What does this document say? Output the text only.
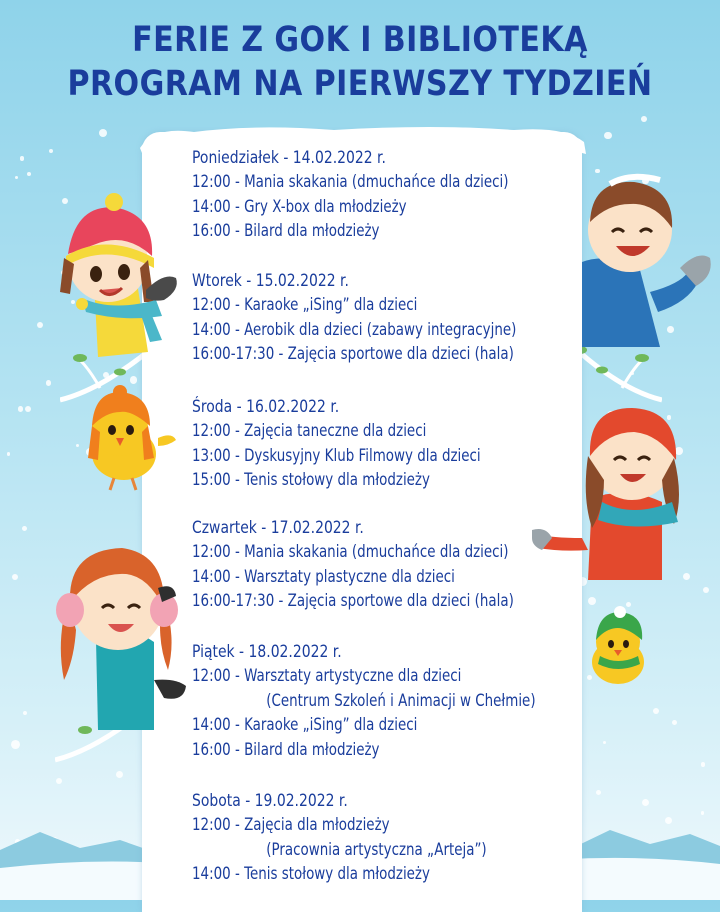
FERIE Z GOK I BIBLIOTEKĄ
PROGRAM NA PIERWSZY TYDZIEŃ
Poniedziałek - 14.02.2022 r.
12:00 - Mania skakania (dmuchańce dla dzieci)
14:00 - Gry X-box dla młodzieży
16:00 - Bilard dla młodzieży
Wtorek - 15.02.2022 r.
12:00 - Karaoke „iSing” dla dzieci
14:00 - Aerobik dla dzieci (zabawy integracyjne)
16:00-17:30 - Zajęcia sportowe dla dzieci (hala)
Środa - 16.02.2022 r.
12:00 - Zajęcia taneczne dla dzieci
13:00 - Dyskusyjny Klub Filmowy dla dzieci
15:00 - Tenis stołowy dla młodzieży
Czwartek - 17.02.2022 r.
12:00 - Mania skakania (dmuchańce dla dzieci)
14:00 - Warsztaty plastyczne dla dzieci
16:00-17:30 - Zajęcia sportowe dla dzieci (hala)
Piątek - 18.02.2022 r.
12:00 - Warsztaty artystyczne dla dzieci
(Centrum Szkoleń i Animacji w Chełmie)
14:00 - Karaoke „iSing” dla dzieci
16:00 - Bilard dla młodzieży
Sobota - 19.02.2022 r.
12:00 - Zajęcia dla młodzieży
(Pracownia artystyczna „Arteja”)
14:00 - Tenis stołowy dla młodzieży
